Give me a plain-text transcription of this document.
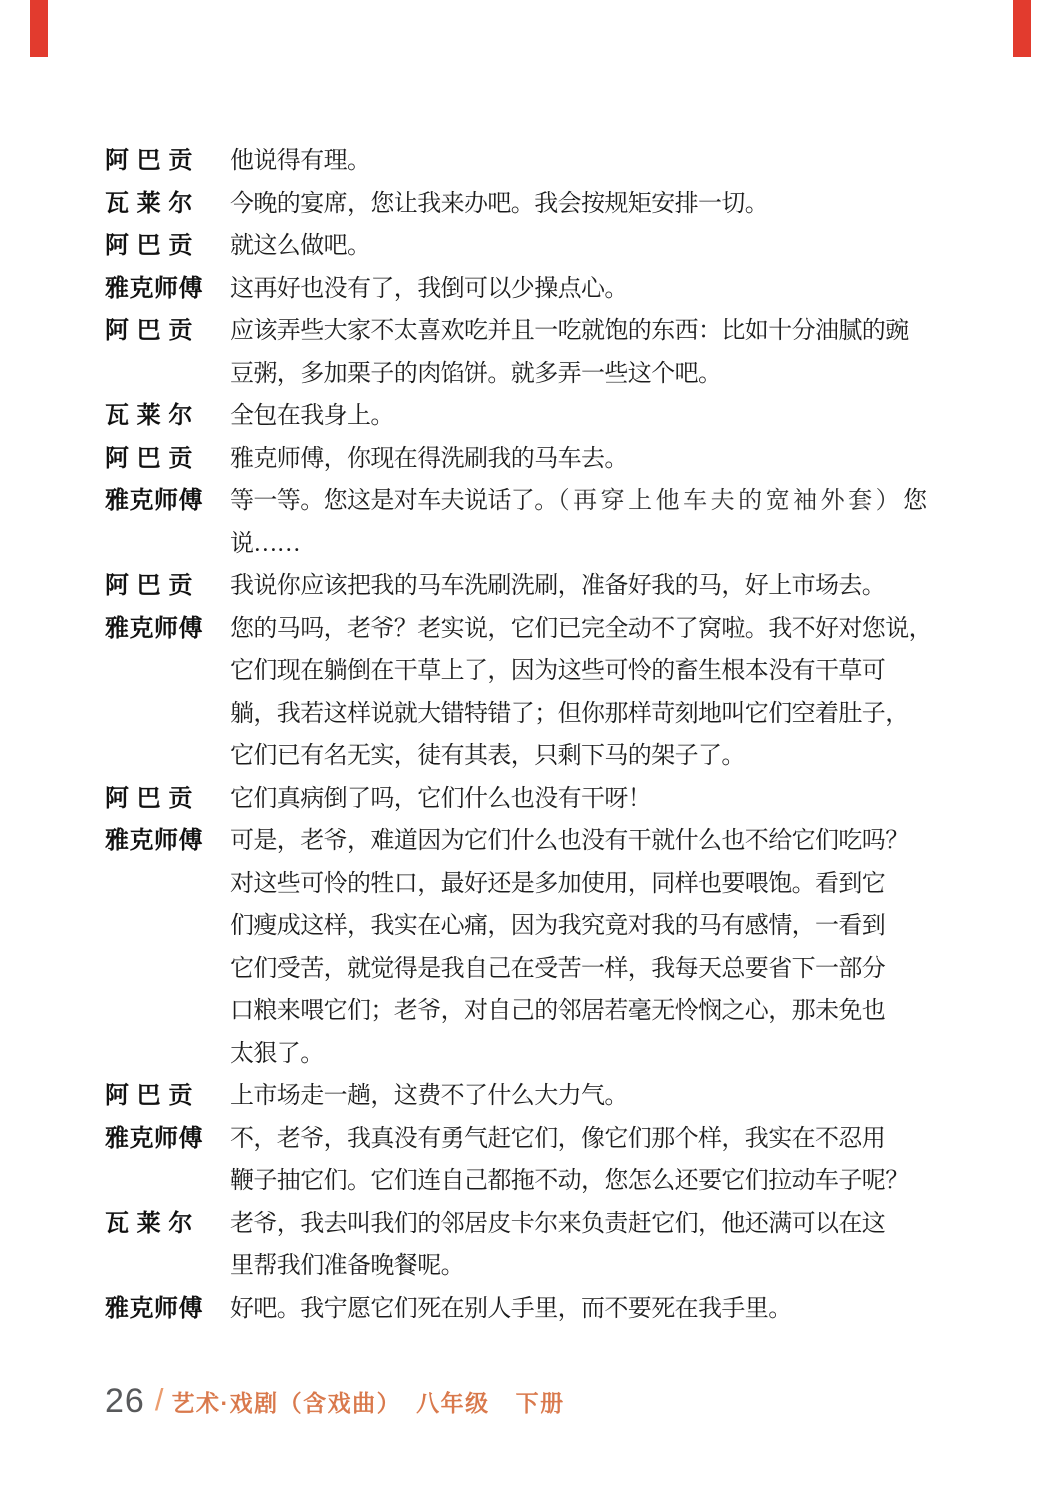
阿 巴 贡	他说得有理。
瓦 莱 尔	今晚的宴席，您让我来办吧。我会按规矩安排一切。
阿 巴 贡	就这么做吧。
雅克师傅 这再好也没有了，我倒可以少操点心。
阿 巴 贡	应该弄些大家不太喜欢吃并且一吃就饱的东西：比如十分油腻的豌
豆粥，多加栗子的肉馅饼。就多弄一些这个吧。
瓦 莱 尔	全包在我身上。
阿 巴 贡	雅克师傅，你现在得洗刷我的马车去。
雅克师傅 等一等。您这是对车夫说话了。（再穿上他车夫的宽袖外套）您
说……
阿 巴 贡	我说你应该把我的马车洗刷洗刷，准备好我的马，好上市场去。
雅克师傅 您的马吗，老爷？老实说，它们已完全动不了窝啦。我不好对您说，
它们现在躺倒在干草上了，因为这些可怜的畜生根本没有干草可
躺，我若这样说就大错特错了；但你那样苛刻地叫它们空着肚子，
它们已有名无实，徒有其表，只剩下马的架子了。
阿 巴 贡	它们真病倒了吗，它们什么也没有干呀！
雅克师傅 可是，老爷，难道因为它们什么也没有干就什么也不给它们吃吗？
对这些可怜的牲口，最好还是多加使用，同样也要喂饱。看到它
们瘦成这样，我实在心痛，因为我究竟对我的马有感情，一看到
它们受苦，就觉得是我自己在受苦一样，我每天总要省下一部分
口粮来喂它们；老爷，对自己的邻居若毫无怜悯之心，那未免也
太狠了。
阿 巴 贡	上市场走一趟，这费不了什么大力气。
雅克师傅 不，老爷，我真没有勇气赶它们，像它们那个样，我实在不忍用
鞭子抽它们。它们连自己都拖不动，您怎么还要它们拉动车子呢？
瓦 莱 尔	老爷，我去叫我们的邻居皮卡尔来负责赶它们，他还满可以在这
里帮我们准备晚餐呢。
雅克师傅 好吧。我宁愿它们死在别人手里，而不要死在我手里。
26 / 艺术·戏剧（含戏曲） 八年级 下册
